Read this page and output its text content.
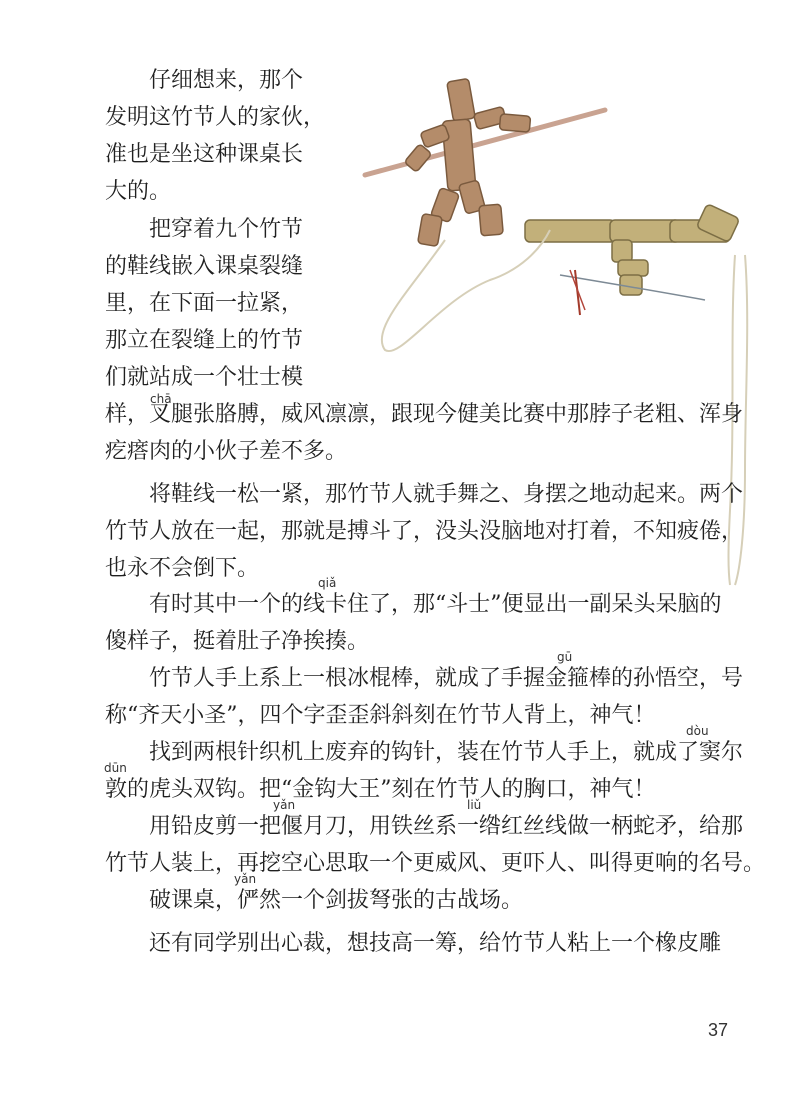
仔细想来，那个
发明这竹节人的家伙，
准也是坐这种课桌长
大的。
把穿着九个竹节
的鞋线嵌入课桌裂缝
里，在下面一拉紧，
那立在裂缝上的竹节
们就站成一个壮士模
样，叉腿张胳膊，威风凛凛，跟现今健美比赛中那脖子老粗、浑身
疙瘩肉的小伙子差不多。
chā
将鞋线一松一紧，那竹节人就手舞之、身摆之地动起来。两个
竹节人放在一起，那就是搏斗了，没头没脑地对打着，不知疲倦，
也永不会倒下。
有时其中一个的线卡住了，那“斗士”便显出一副呆头呆脑的
傻样子，挺着肚子净挨揍。
qiǎ
竹节人手上系上一根冰棍棒，就成了手握金箍棒的孙悟空，号
称“齐天小圣”，四个字歪歪斜斜刻在竹节人背上，神气！
gū
找到两根针织机上废弃的钩针，装在竹节人手上，就成了窦尔
敦的虎头双钩。把“金钩大王”刻在竹节人的胸口，神气！
dòu
dūn
用铅皮剪一把偃月刀，用铁丝系一绺红丝线做一柄蛇矛，给那
竹节人装上，再挖空心思取一个更威风、更吓人、叫得更响的名号。
yǎn	liǔ
破课桌，俨然一个剑拔弩张的古战场。
yǎn
还有同学别出心裁，想技高一筹，给竹节人粘上一个橡皮雕
37
